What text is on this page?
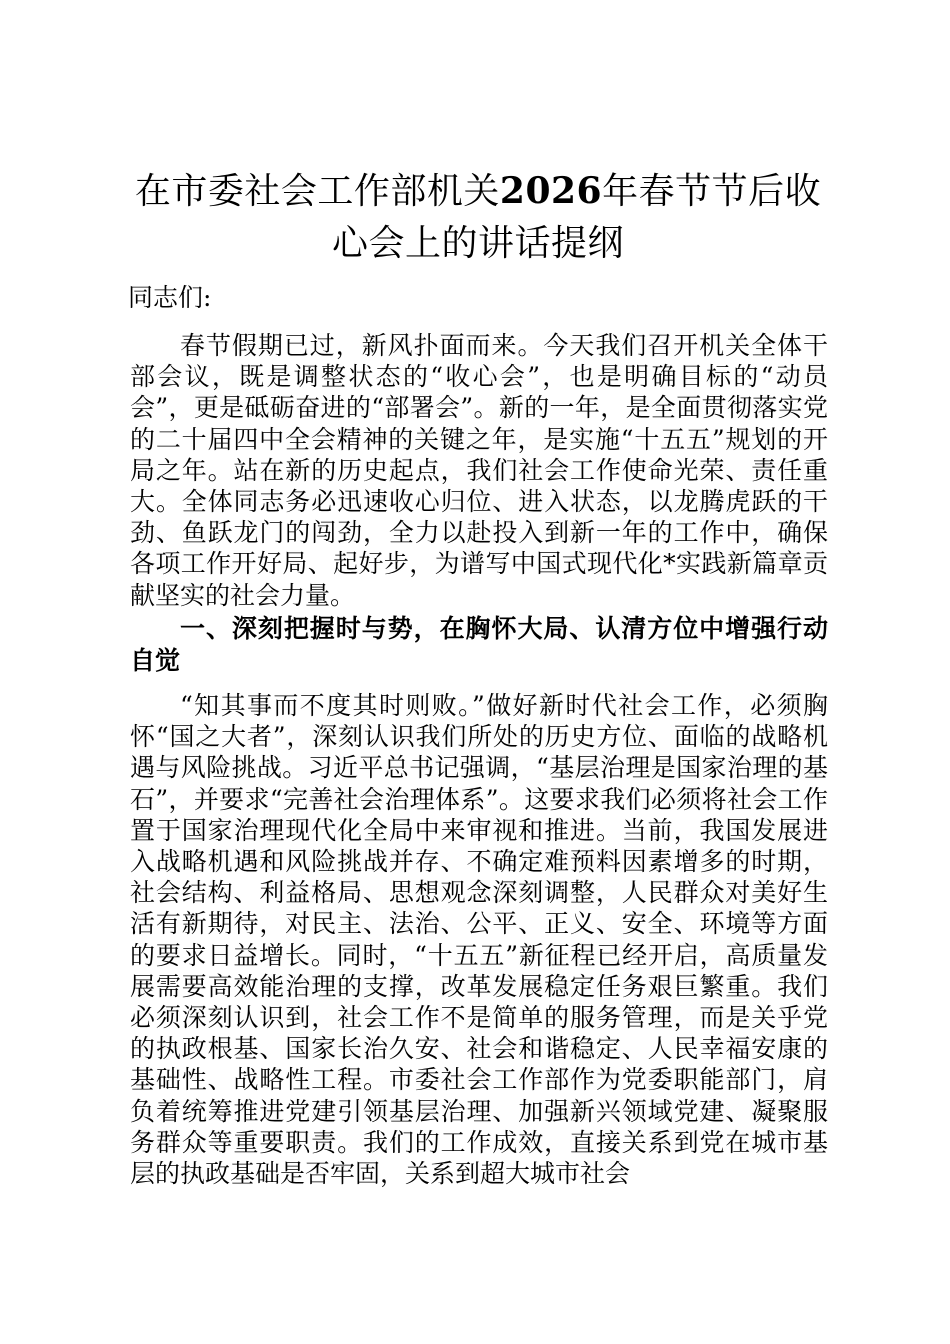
在市委社会工作部机关2026年春节节后收心会上的讲话提纲

同志们:

春节假期已过，新风扑面而来。今天我们召开机关全体干部会议，既是调整状态的“收心会”，也是明确目标的“动员会”，更是砥砺奋进的“部署会”。新的一年，是全面贯彻落实党的二十届四中全会精神的关键之年，是实施“十五五”规划的开局之年。站在新的历史起点，我们社会工作使命光荣、责任重大。全体同志务必迅速收心归位、进入状态，以龙腾虎跃的干劲、鱼跃龙门的闯劲，全力以赴投入到新一年的工作中，确保各项工作开好局、起好步，为谱写中国式现代化*实践新篇章贡献坚实的社会力量。

一、深刻把握时与势，在胸怀大局、认清方位中增强行动自觉

“知其事而不度其时则败。”做好新时代社会工作，必须胸怀“国之大者”，深刻认识我们所处的历史方位、面临的战略机遇与风险挑战。习近平总书记强调，“基层治理是国家治理的基石”，并要求“完善社会治理体系”。这要求我们必须将社会工作置于国家治理现代化全局中来审视和推进。当前，我国发展进入战略机遇和风险挑战并存、不确定难预料因素增多的时期，社会结构、利益格局、思想观念深刻调整，人民群众对美好生活有新期待，对民主、法治、公平、正义、安全、环境等方面的要求日益增长。同时，“十五五”新征程已经开启，高质量发展需要高效能治理的支撑，改革发展稳定任务艰巨繁重。我们必须深刻认识到，社会工作不是简单的服务管理，而是关乎党的执政根基、国家长治久安、社会和谐稳定、人民幸福安康的基础性、战略性工程。市委社会工作部作为党委职能部门，肩负着统筹推进党建引领基层治理、加强新兴领域党建、凝聚服务群众等重要职责。我们的工作成效，直接关系到党在城市基层的执政基础是否牢固，关系到超大城市社会
